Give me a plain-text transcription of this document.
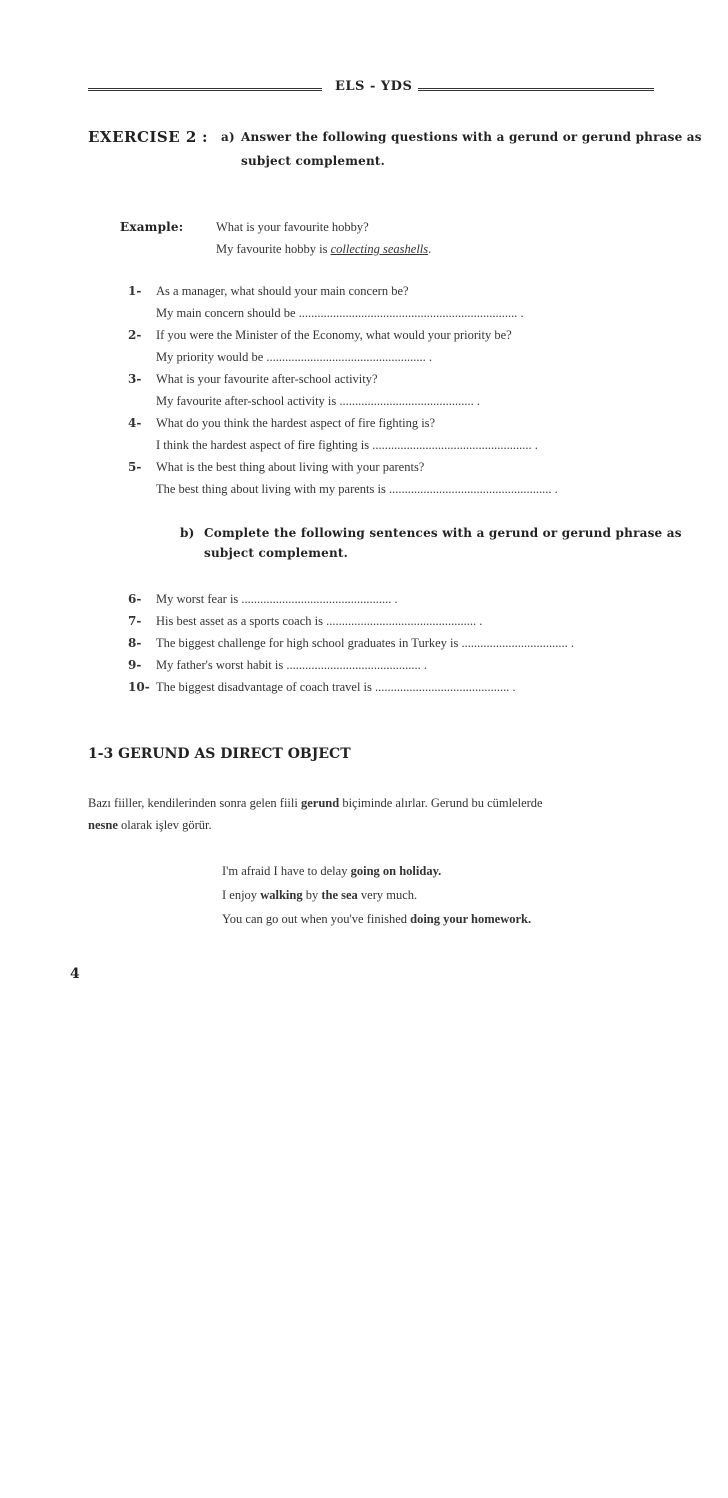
ELS - YDS
EXERCISE 2 : a) Answer the following questions with a gerund or gerund phrase as
subject complement.
Example:	What is your favourite hobby?
My favourite hobby is collecting seashells.
1- As a manager, what should your main concern be?
My main concern should be ...................................................................... .
2- If you were the Minister of the Economy, what would your priority be?
My priority would be ................................................... .
3- What is your favourite after-school activity?
My favourite after-school activity is ........................................... .
4- What do you think the hardest aspect of fire fighting is?
I think the hardest aspect of fire fighting is ................................................... .
5- What is the best thing about living with your parents?
The best thing about living with my parents is .................................................... .
b) Complete the following sentences with a gerund or gerund phrase as
subject complement.
6- My worst fear is ................................................ .
7- His best asset as a sports coach is ................................................ .
8- The biggest challenge for high school graduates in Turkey is .................................. .
9- My father's worst habit is ........................................... .
10- The biggest disadvantage of coach travel is ........................................... .
1-3 GERUND AS DIRECT OBJECT
Bazı fiiller, kendilerinden sonra gelen fiili gerund biçiminde alırlar. Gerund bu cümlelerde
nesne olarak işlev görür.
I'm afraid I have to delay going on holiday.
I enjoy walking by the sea very much.
You can go out when you've finished doing your homework.
4
